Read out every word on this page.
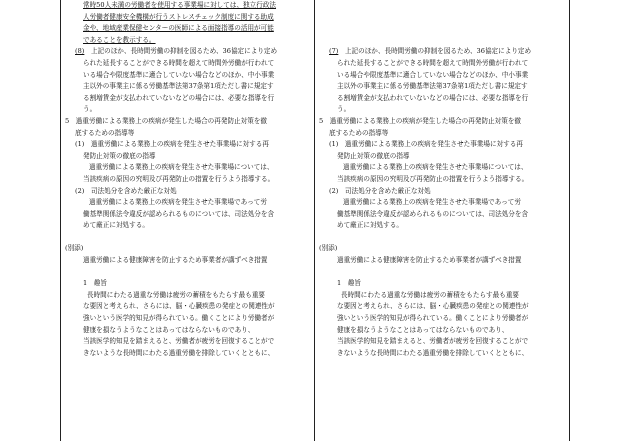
常時50人未満の労働者を使用する事業場に対しては、独立行政法
人労働者健康安全機構が行うストレスチェック制度に関する助成
金や、地域産業保健センターの医師による面接指導の活用が可能
であることを教示する。
(8)　 上記のほか、長時間労働の抑制を図るため、36協定により定め
られた延長することができる時間を超えて時間外労働が行われて
いる場合や限度基準に適合していない場合などのほか、中小事業
主以外の事業主に係る労働基準法第37条第1項ただし書に規定す
る割増賃金が支払われていないなどの場合には、必要な指導を行
う。
5　過重労働による業務上の疾病が発生した場合の再発防止対策を徹
底するための指導等
(1)　過重労働による業務上の疾病を発生させた事業場に対する再
発防止対策の徹底の指導
過重労働による業務上の疾病を発生させた事業場については、
当該疾病の原因の究明及び再発防止の措置を行うよう指導する。
(2)　司法処分を含めた厳正な対処
過重労働による業務上の疾病を発生させた事業場であって労
働基準関係法令違反が認められるものについては、司法処分を含
めて厳正に対処する。
(別添)
過重労働による健康障害を防止するため事業者が講ずべき措置
1　趣旨
長時間にわたる過重な労働は疲労の蓄積をもたらす最も重要
な要因と考えられ、さらには、脳・心臓疾患の発症との関連性が
強いという医学的知見が得られている。働くことにより労働者が
健康を損なうようなことはあってはならないものであり、
当該医学的知見を踏まえると、労働者が疲労を回復することがで
きないような長時間にわたる過重労働を排除していくとともに、
(7)　 上記のほか、長時間労働の抑制を図るため、36協定により定め
られた延長することができる時間を超えて時間外労働が行われて
いる場合や限度基準に適合していない場合などのほか、中小事業
主以外の事業主に係る労働基準法第37条第1項ただし書に規定す
る割増賃金が支払われていないなどの場合には、必要な指導を行
う。
5　過重労働による業務上の疾病が発生した場合の再発防止対策を徹
底するための指導等
(1)　過重労働による業務上の疾病を発生させた事業場に対する再
発防止対策の徹底の指導
過重労働による業務上の疾病を発生させた事業場については、
当該疾病の原因の究明及び再発防止の措置を行うよう指導する。
(2)　司法処分を含めた厳正な対処
過重労働による業務上の疾病を発生させた事業場であって労
働基準関係法令違反が認められるものについては、司法処分を含
めて厳正に対処する。
(別添)
過重労働による健康障害を防止するため事業者が講ずべき措置
1　趣旨
長時間にわたる過重な労働は疲労の蓄積をもたらす最も重要
な要因と考えられ、さらには、脳・心臓疾患の発症との関連性が
強いという医学的知見が得られている。働くことにより労働者が
健康を損なうようなことはあってはならないものであり、
当該医学的知見を踏まえると、労働者が疲労を回復することがで
きないような長時間にわたる過重労働を排除していくとともに、
